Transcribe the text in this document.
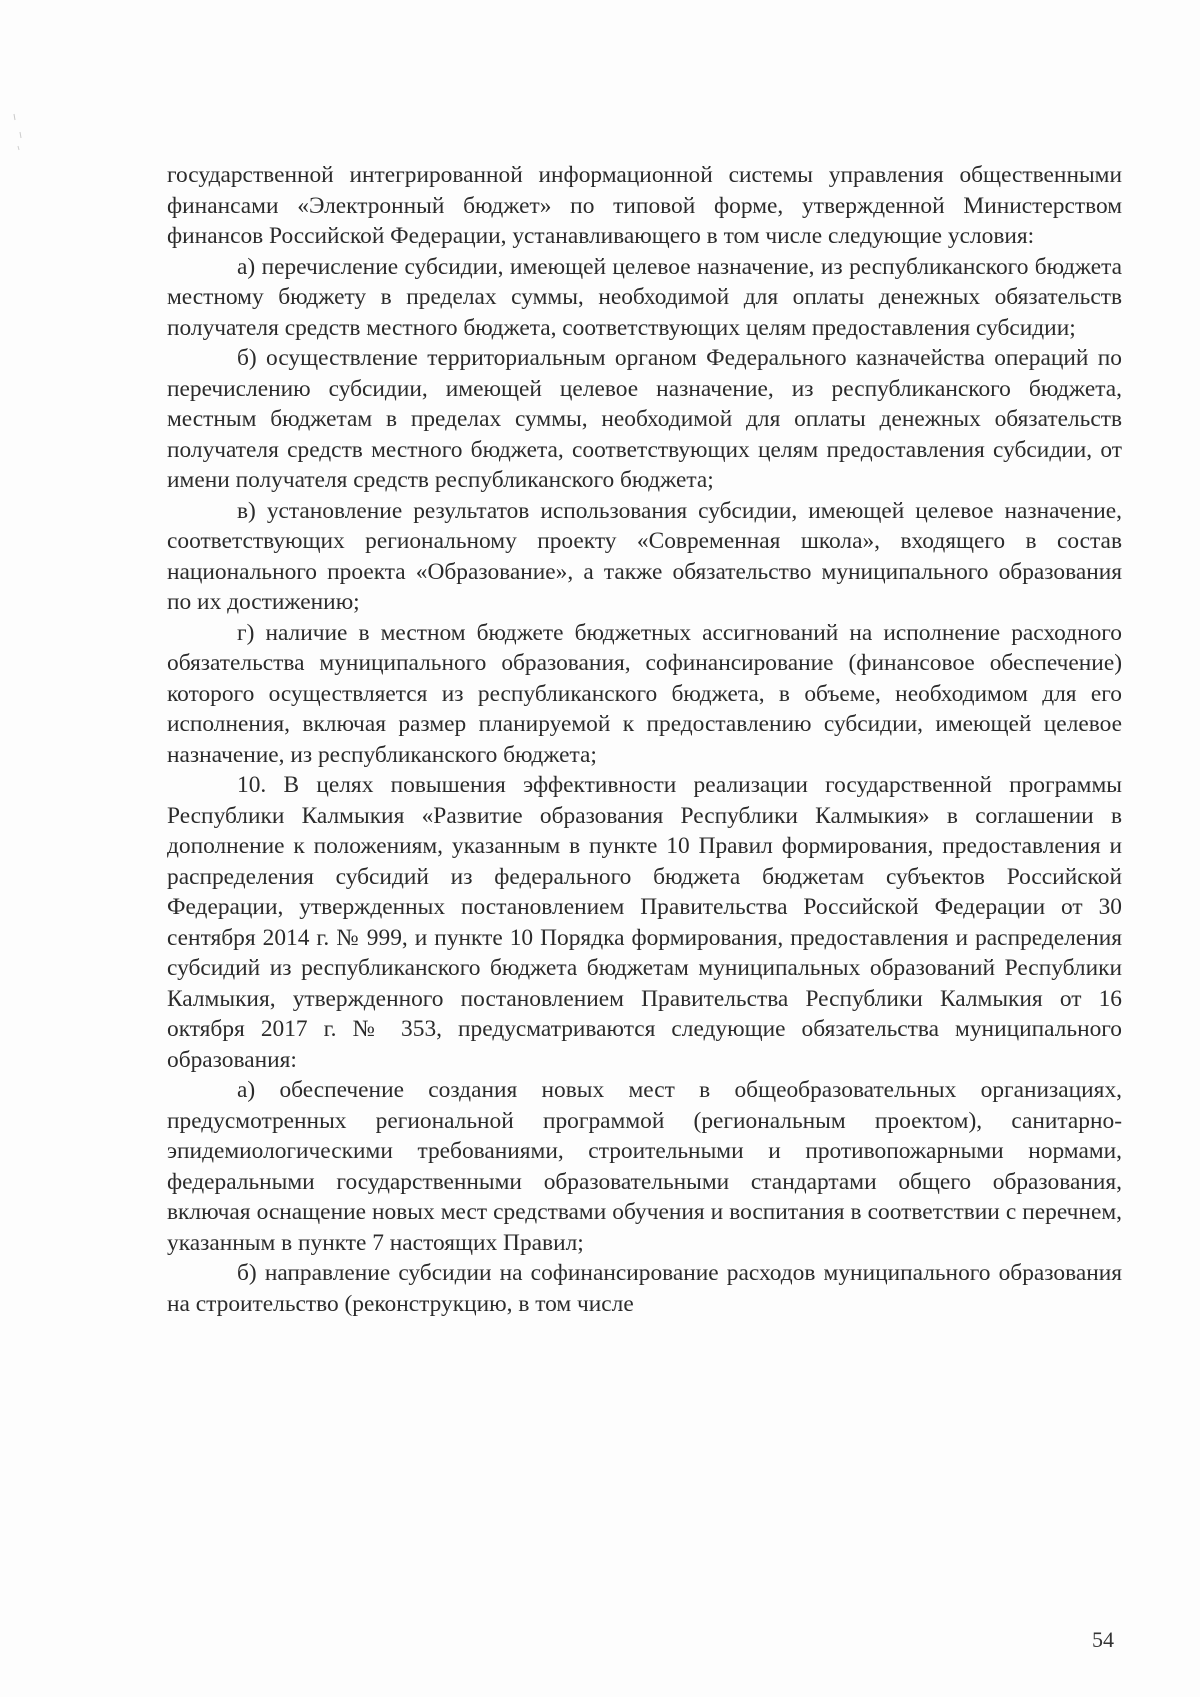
государственной интегрированной информационной системы управления общественными финансами «Электронный бюджет» по типовой форме, утвержденной Министерством финансов Российской Федерации, устанавливающего в том числе следующие условия:

а) перечисление субсидии, имеющей целевое назначение, из республиканского бюджета местному бюджету в пределах суммы, необходимой для оплаты денежных обязательств получателя средств местного бюджета, соответствующих целям предоставления субсидии;

б) осуществление территориальным органом Федерального казначейства операций по перечислению субсидии, имеющей целевое назначение, из республиканского бюджета, местным бюджетам в пределах суммы, необходимой для оплаты денежных обязательств получателя средств местного бюджета, соответствующих целям предоставления субсидии, от имени получателя средств республиканского бюджета;

в) установление результатов использования субсидии, имеющей целевое назначение, соответствующих региональному проекту «Современная школа», входящего в состав национального проекта «Образование», а также обязательство муниципального образования по их достижению;

г) наличие в местном бюджете бюджетных ассигнований на исполнение расходного обязательства муниципального образования, софинансирование (финансовое обеспечение) которого осуществляется из республиканского бюджета, в объеме, необходимом для его исполнения, включая размер планируемой к предоставлению субсидии, имеющей целевое назначение, из республиканского бюджета;

10. В целях повышения эффективности реализации государственной программы Республики Калмыкия «Развитие образования Республики Калмыкия» в соглашении в дополнение к положениям, указанным в пункте 10 Правил формирования, предоставления и распределения субсидий из федерального бюджета бюджетам субъектов Российской Федерации, утвержденных постановлением Правительства Российской Федерации от 30 сентября 2014 г. № 999, и пункте 10 Порядка формирования, предоставления и распределения субсидий из республиканского бюджета бюджетам муниципальных образований Республики Калмыкия, утвержденного постановлением Правительства Республики Калмыкия от 16 октября 2017 г. № 353, предусматриваются следующие обязательства муниципального образования:

а) обеспечение создания новых мест в общеобразовательных организациях, предусмотренных региональной программой (региональным проектом), санитарно-эпидемиологическими требованиями, строительными и противопожарными нормами, федеральными государственными образовательными стандартами общего образования, включая оснащение новых мест средствами обучения и воспитания в соответствии с перечнем, указанным в пункте 7 настоящих Правил;

б) направление субсидии на софинансирование расходов муниципального образования на строительство (реконструкцию, в том числе

54
